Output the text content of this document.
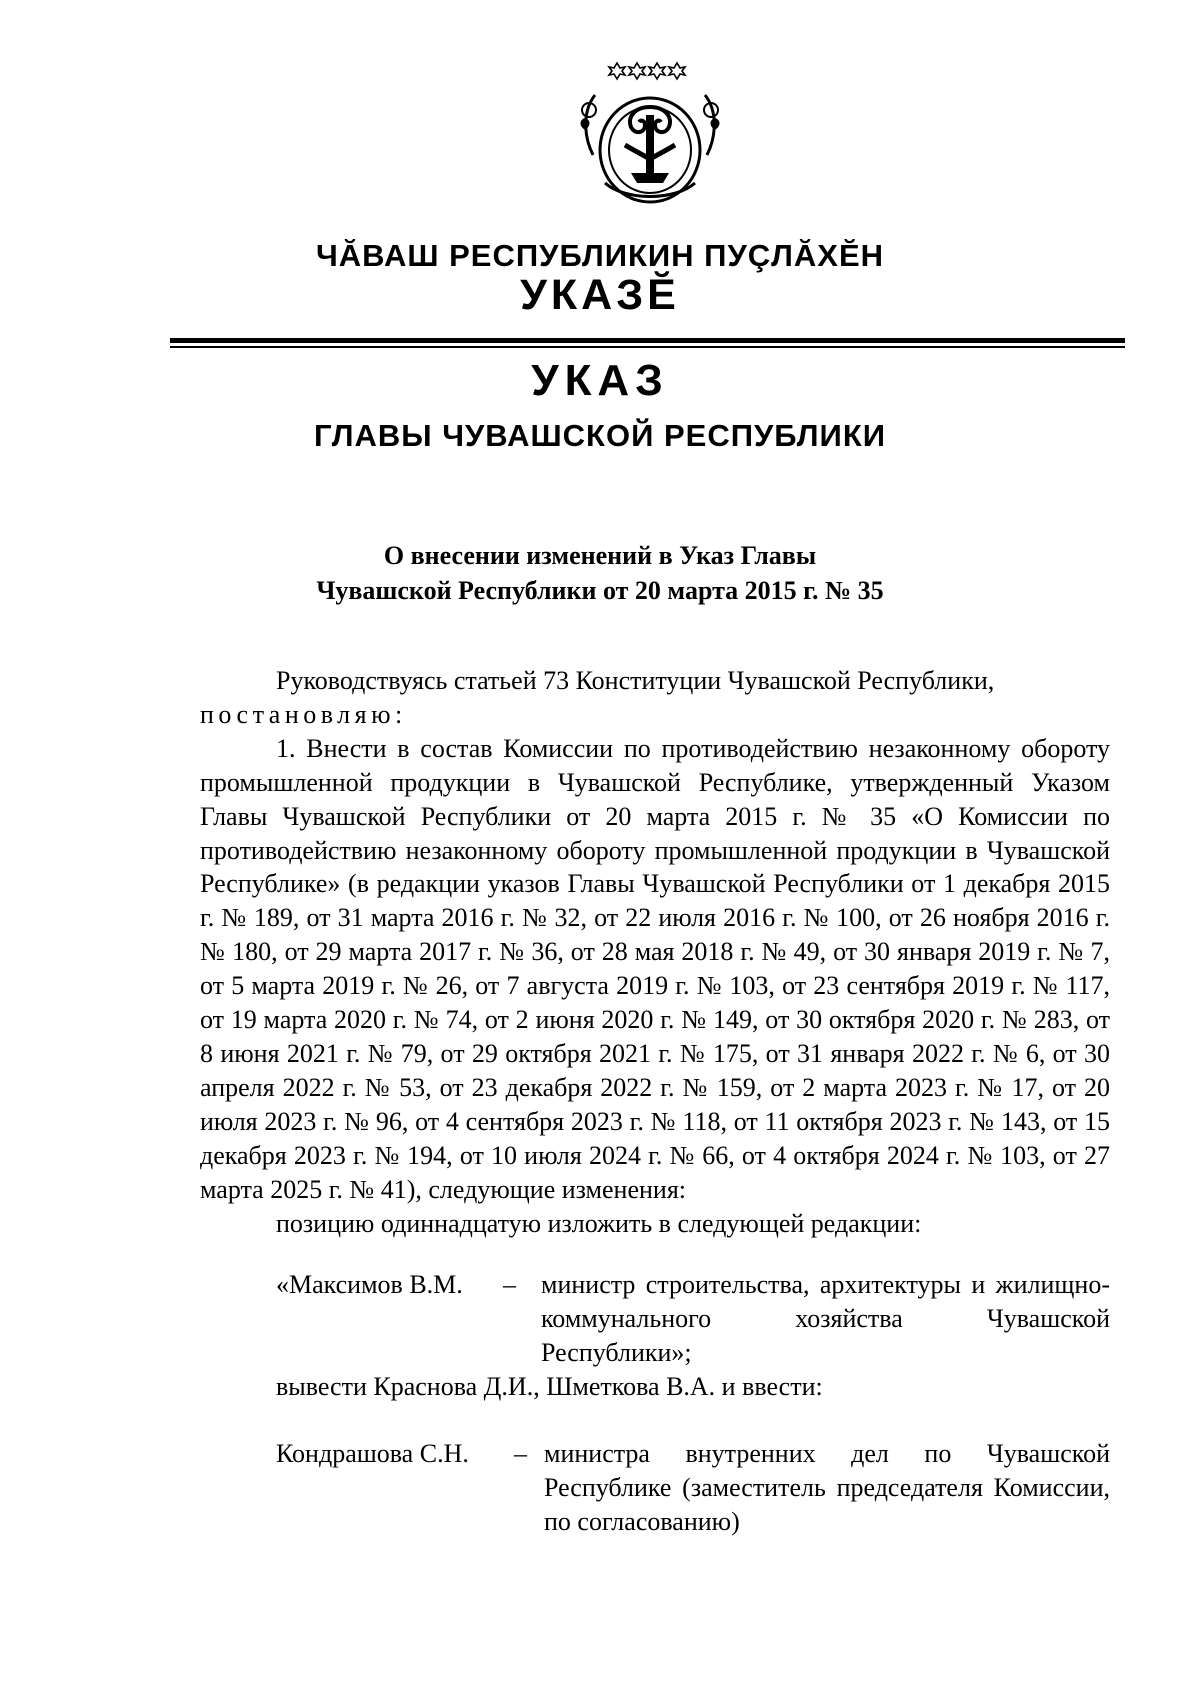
ЧĂВАШ РЕСПУБЛИКИН ПУÇЛĂХĔН
УКАЗĔ
УКАЗ
ГЛАВЫ ЧУВАШСКОЙ РЕСПУБЛИКИ
О внесении изменений в Указ Главы
Чувашской Республики от 20 марта 2015 г. № 35

Руководствуясь статьей 73 Конституции Чувашской Республики,

постановляю:

1. Внести в состав Комиссии по противодействию незаконному обороту промышленной продукции в Чувашской Республике, утвержденный Указом Главы Чувашской Республики от 20 марта 2015 г. № 35 «О Комиссии по противодействию незаконному обороту промышленной продукции в Чувашской Республике» (в редакции указов Главы Чувашской Республики от 1 декабря 2015 г. № 189, от 31 марта 2016 г. № 32, от 22 июля 2016 г. № 100, от 26 ноября 2016 г. № 180, от 29 марта 2017 г. № 36, от 28 мая 2018 г. № 49, от 30 января 2019 г. № 7, от 5 марта 2019 г. № 26, от 7 августа 2019 г. № 103, от 23 сентября 2019 г. № 117, от 19 марта 2020 г. № 74, от 2 июня 2020 г. № 149, от 30 октября 2020 г. № 283, от 8 июня 2021 г. № 79, от 29 октября 2021 г. № 175, от 31 января 2022 г. № 6, от 30 апреля 2022 г. № 53, от 23 декабря 2022 г. № 159, от 2 марта 2023 г. № 17, от 20 июля 2023 г. № 96, от 4 сентября 2023 г. № 118, от 11 октября 2023 г. № 143, от 15 декабря 2023 г. № 194, от 10 июля 2024 г. № 66, от 4 октября 2024 г. № 103, от 27 марта 2025 г. № 41), следующие изменения:

позицию одиннадцатую изложить в следующей редакции:

«Максимов В.М.	– министр строительства, архитектуры и жилищно-коммунального хозяйства Чувашской Республики»;

вывести Краснова Д.И., Шметкова В.А. и ввести:

Кондрашова С.Н.	– министра внутренних дел по Чувашской Республике (заместитель председателя Комиссии, по согласованию)
